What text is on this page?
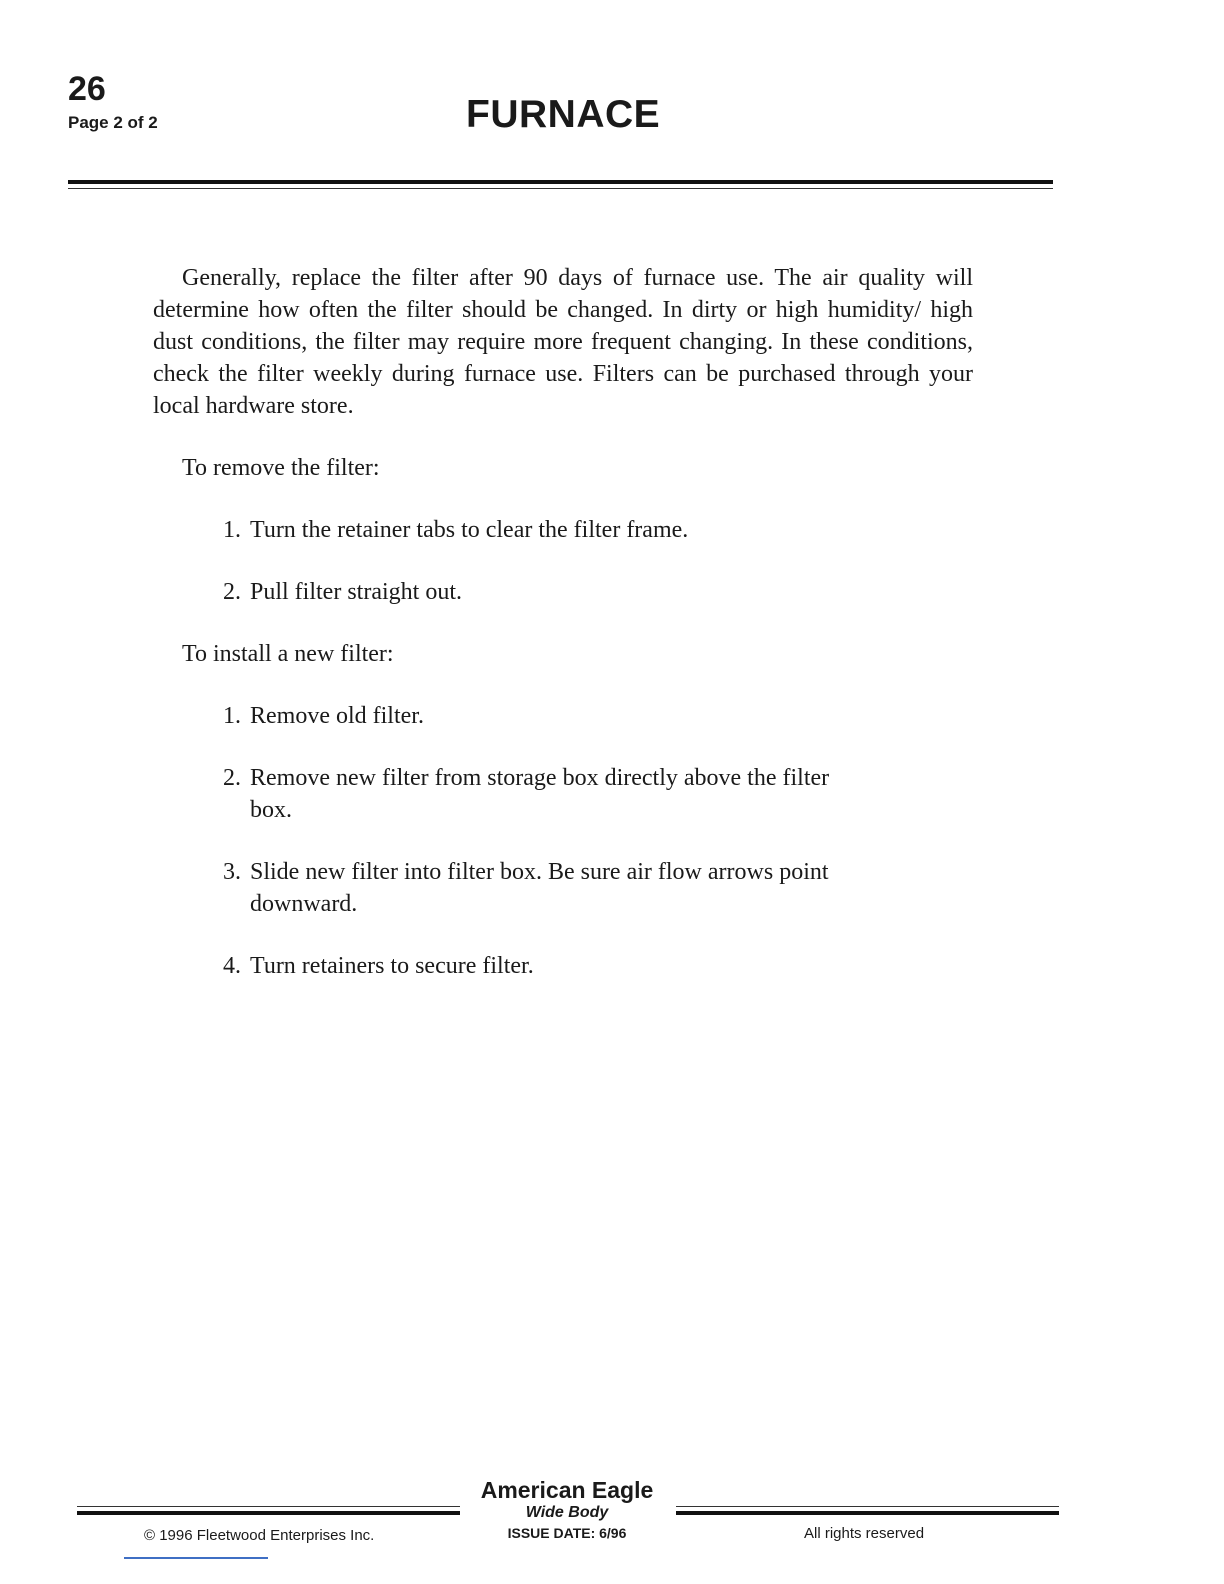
26
Page 2 of 2	FURNACE

Generally, replace the filter after 90 days of furnace use. The air quality will determine how often the filter should be changed. In dirty or high humidity/ high dust conditions, the filter may require more frequent changing. In these conditions, check the filter weekly during furnace use. Filters can be purchased through your local hardware store.

To remove the filter:

1. Turn the retainer tabs to clear the filter frame.
2. Pull filter straight out.

To install a new filter:

1. Remove old filter.
2. Remove new filter from storage box directly above the filter box.
3. Slide new filter into filter box. Be sure air flow arrows point downward.
4. Turn retainers to secure filter.
American Eagle
Wide Body
ISSUE DATE: 6/96
© 1996 Fleetwood Enterprises Inc.	All rights reserved
